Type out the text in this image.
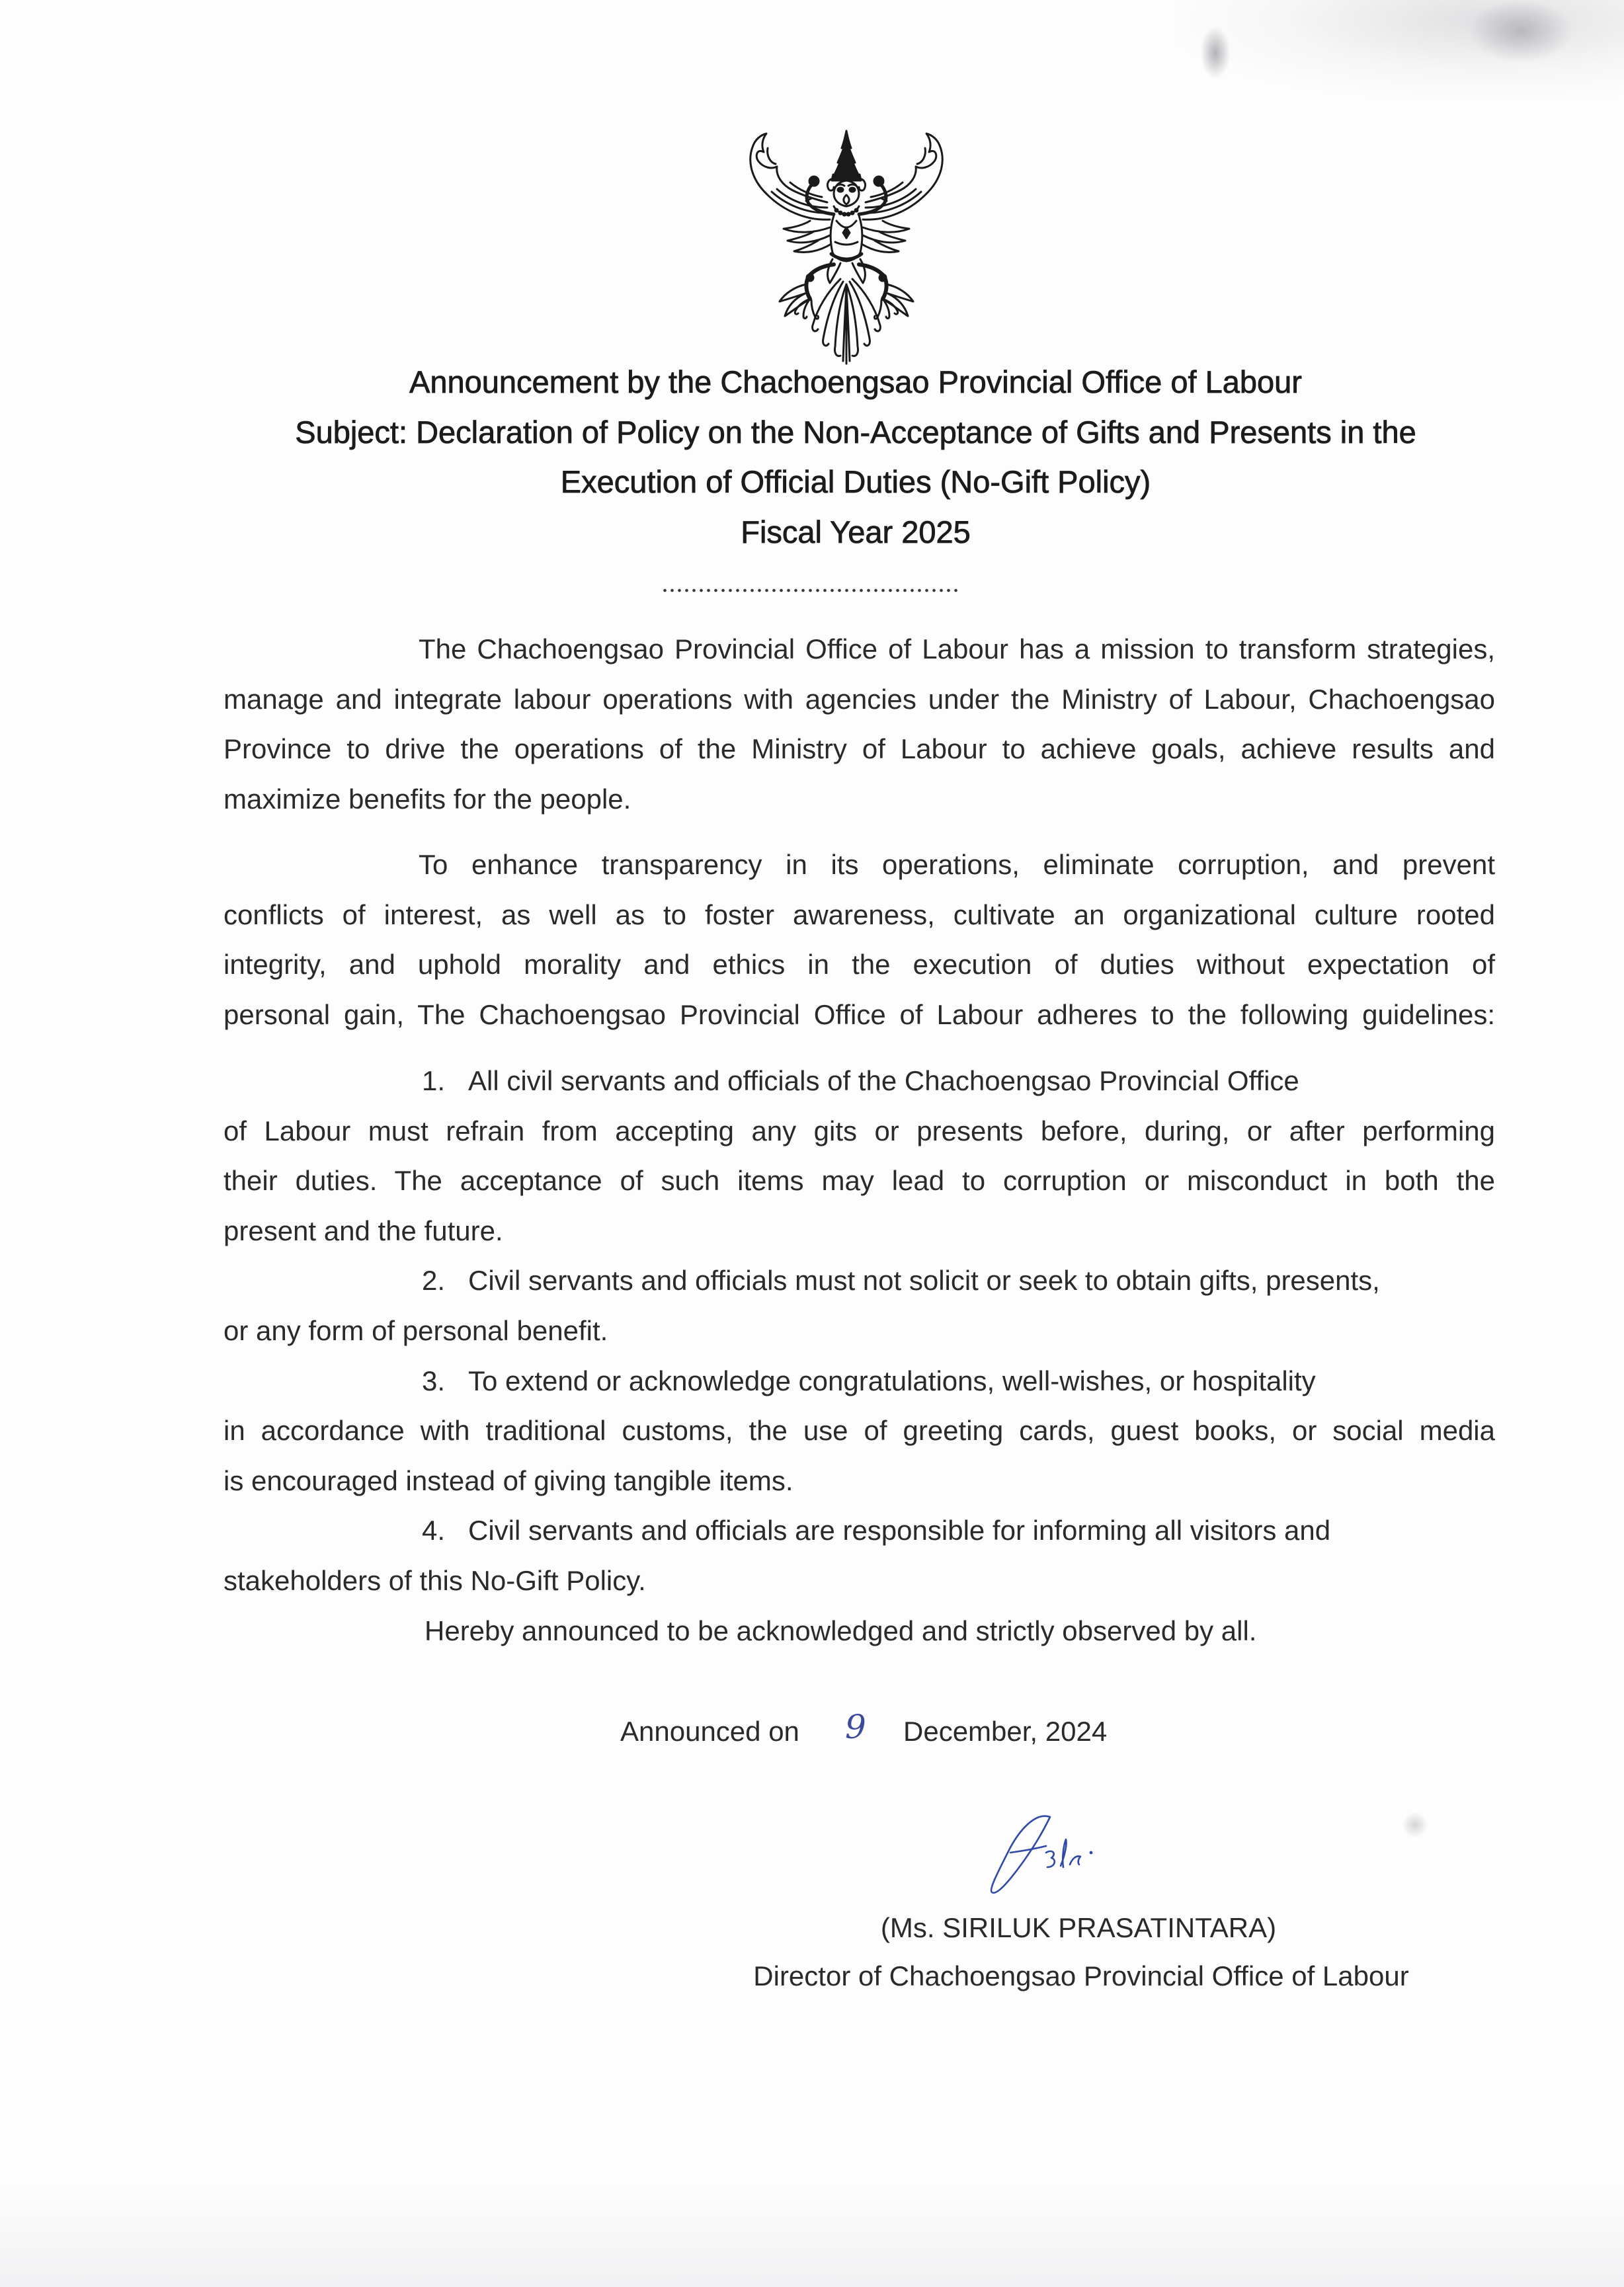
Announcement by the Chachoengsao Provincial Office of Labour
Subject: Declaration of Policy on the Non-Acceptance of Gifts and Presents in the
Execution of Official Duties (No-Gift Policy)
Fiscal Year 2025
The Chachoengsao Provincial Office of Labour has a mission to transform strategies,
manage and integrate labour operations with agencies under the Ministry of Labour, Chachoengsao
Province to drive the operations of the Ministry of Labour to achieve goals, achieve results and
maximize benefits for the people.
To enhance transparency in its operations, eliminate corruption, and prevent
conflicts of interest, as well as to foster awareness, cultivate an organizational culture rooted
integrity, and uphold morality and ethics in the execution of duties without expectation of
personal gain, The Chachoengsao Provincial Office of Labour adheres to the following guidelines:
1. All civil servants and officials of the Chachoengsao Provincial Office
of Labour must refrain from accepting any gits or presents before, during, or after performing
their duties. The acceptance of such items may lead to corruption or misconduct in both the
present and the future.
2. Civil servants and officials must not solicit or seek to obtain gifts, presents,
or any form of personal benefit.
3. To extend or acknowledge congratulations, well-wishes, or hospitality
in accordance with traditional customs, the use of greeting cards, guest books, or social media
is encouraged instead of giving tangible items.
4. Civil servants and officials are responsible for informing all visitors and
stakeholders of this No-Gift Policy.
Hereby announced to be acknowledged and strictly observed by all.
Announced on 9 December, 2024
(Ms. SIRILUK PRASATINTARA)
Director of Chachoengsao Provincial Office of Labour
